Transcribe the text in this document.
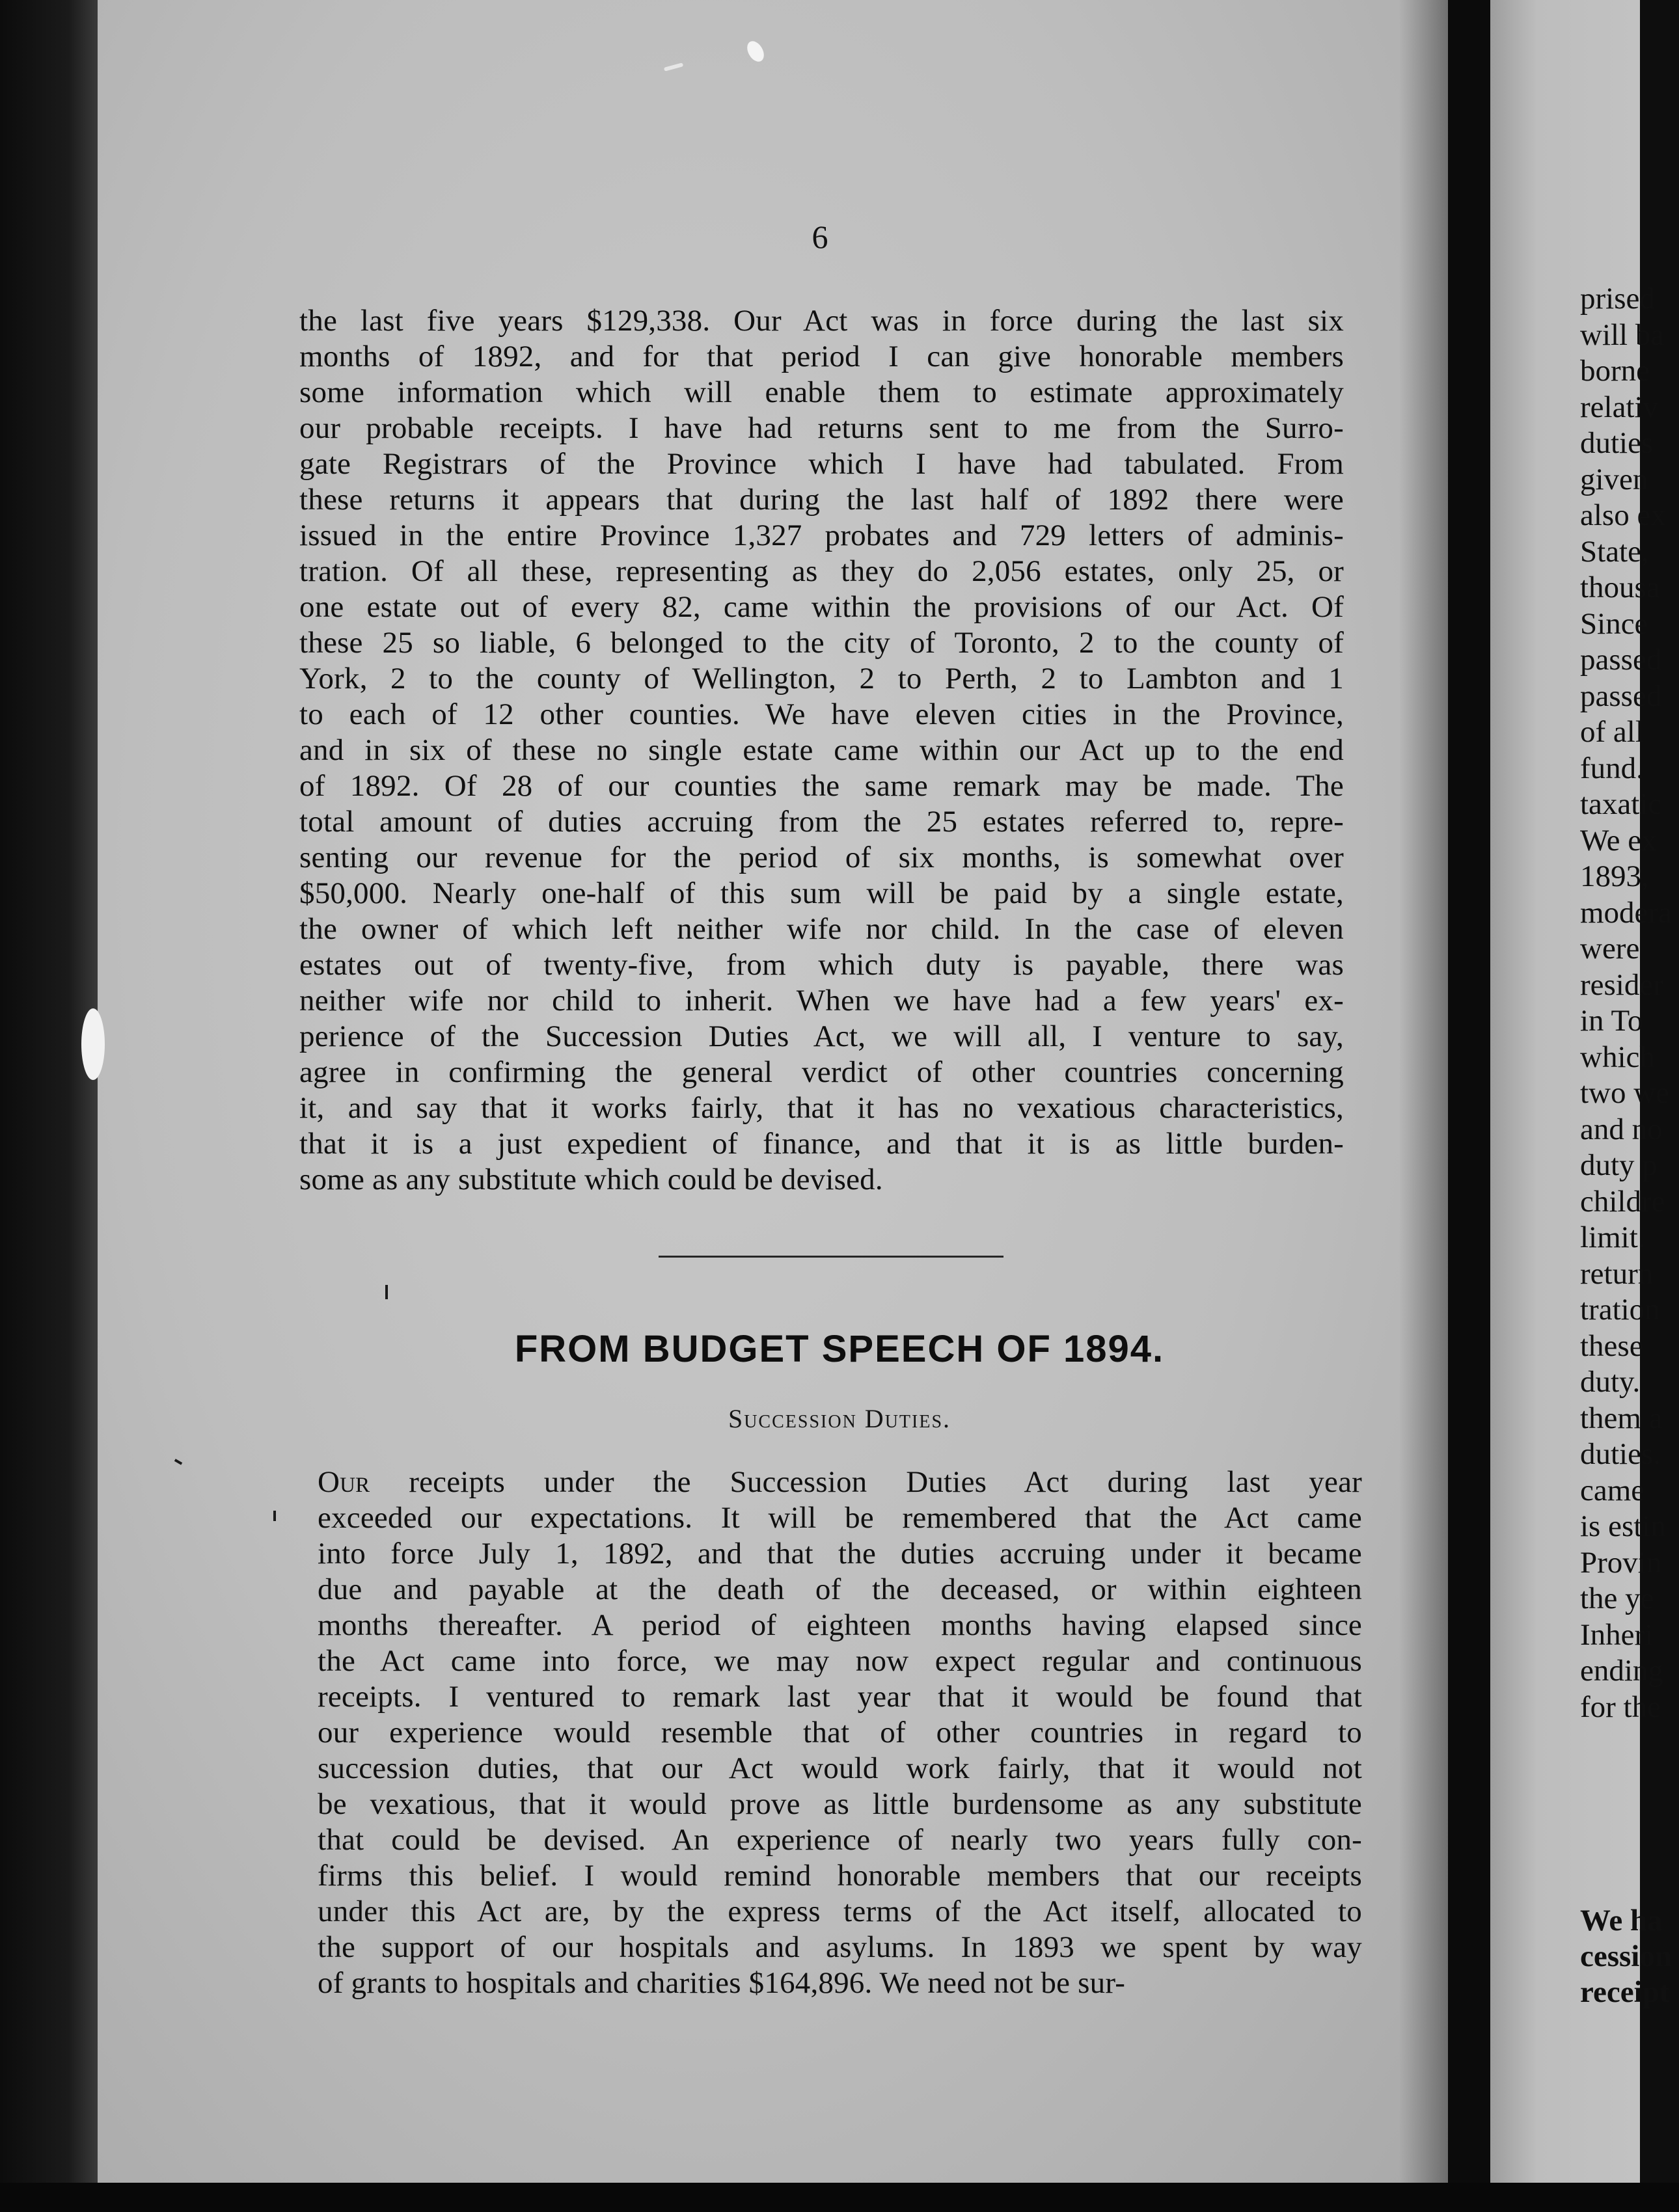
6
the last five years $129,338. Our Act was in force during the last six
months of 1892, and for that period I can give honorable members
some information which will enable them to estimate approximately
our probable receipts. I have had returns sent to me from the Surro-
gate Registrars of the Province which I have had tabulated. From
these returns it appears that during the last half of 1892 there were
issued in the entire Province 1,327 probates and 729 letters of adminis-
tration. Of all these, representing as they do 2,056 estates, only 25, or
one estate out of every 82, came within the provisions of our Act. Of
these 25 so liable, 6 belonged to the city of Toronto, 2 to the county of
York, 2 to the county of Wellington, 2 to Perth, 2 to Lambton and 1
to each of 12 other counties. We have eleven cities in the Province,
and in six of these no single estate came within our Act up to the end
of 1892. Of 28 of our counties the same remark may be made. The
total amount of duties accruing from the 25 estates referred to, repre-
senting our revenue for the period of six months, is somewhat over
$50,000. Nearly one-half of this sum will be paid by a single estate,
the owner of which left neither wife nor child. In the case of eleven
estates out of twenty-five, from which duty is payable, there was
neither wife nor child to inherit. When we have had a few years' ex-
perience of the Succession Duties Act, we will all, I venture to say,
agree in confirming the general verdict of other countries concerning
it, and say that it works fairly, that it has no vexatious characteristics,
that it is a just expedient of finance, and that it is as little burden-
some as any substitute which could be devised.
FROM BUDGET SPEECH OF 1894.
Succession Duties.
Our receipts under the Succession Duties Act during last year
exceeded our expectations. It will be remembered that the Act came
into force July 1, 1892, and that the duties accruing under it became
due and payable at the death of the deceased, or within eighteen
months thereafter. A period of eighteen months having elapsed since
the Act came into force, we may now expect regular and continuous
receipts. I ventured to remark last year that it would be found that
our experience would resemble that of other countries in regard to
succession duties, that our Act would work fairly, that it would not
be vexatious, that it would prove as little burdensome as any substitute
that could be devised. An experience of nearly two years fully con-
firms this belief. I would remind honorable members that our receipts
under this Act are, by the express terms of the Act itself, allocated to
the support of our hospitals and asylums. In 1893 we spent by way
of grants to hospitals and charities $164,896. We need not be sur-
prised
will ba
borne
relativ
duties
given
also ex
State,
thousa
Since
passed
passed
of all
fund.
taxatic
We ex
1893,
modera
were
resider
in To
which
two we
and no
duty p
childre
limit.
return
tration
these
duty.
them a
duties.
came
is estin
Provin
the ye
Inheri
ending
for the
We ha
cession
receipt
